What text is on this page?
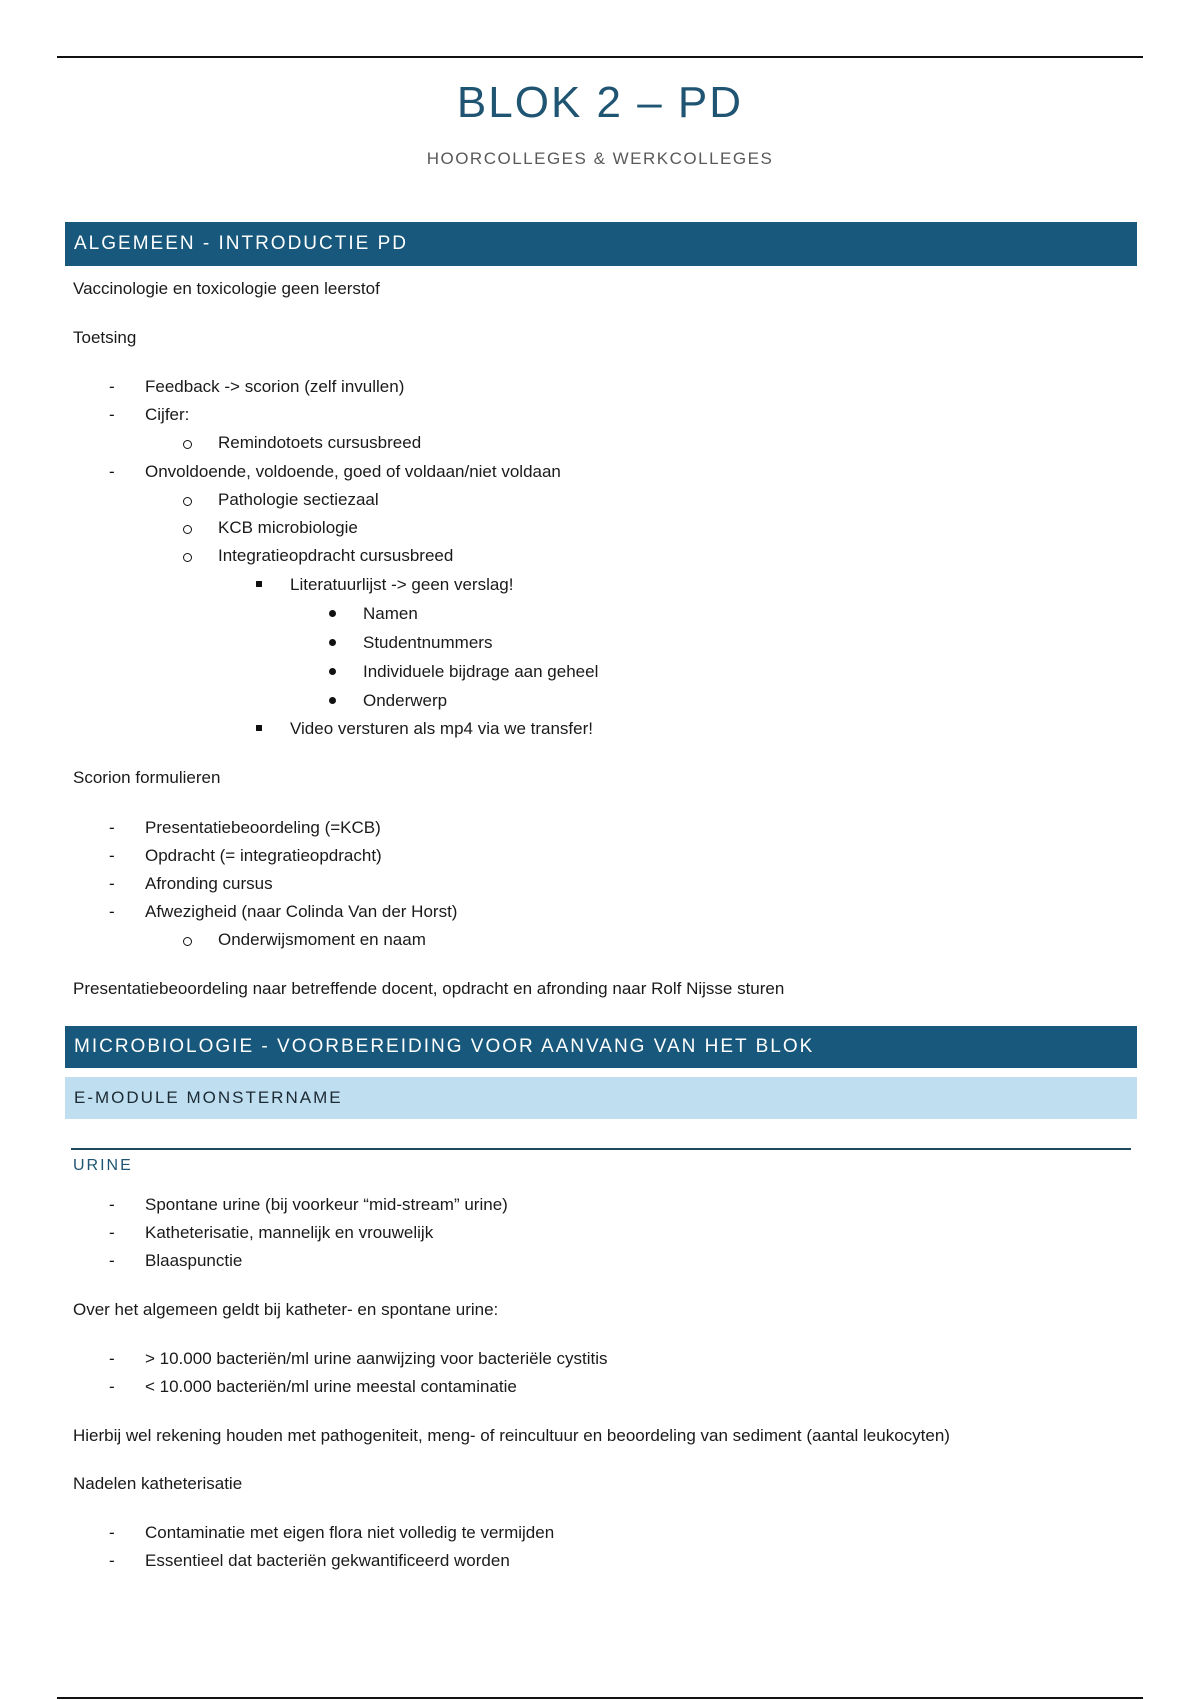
BLOK 2 – PD
HOORCOLLEGES & WERKCOLLEGES
ALGEMEEN - INTRODUCTIE PD
Vaccinologie en toxicologie geen leerstof
Toetsing
-	Feedback -> scorion (zelf invullen)
-	Cijfer:
Remindotoets cursusbreed
-	Onvoldoende, voldoende, goed of voldaan/niet voldaan
Pathologie sectiezaal
KCB microbiologie
Integratieopdracht cursusbreed
Literatuurlijst -> geen verslag!
Namen
Studentnummers
Individuele bijdrage aan geheel
Onderwerp
Video versturen als mp4 via we transfer!
Scorion formulieren
-	Presentatiebeoordeling (=KCB)
-	Opdracht (= integratieopdracht)
-	Afronding cursus
-	Afwezigheid (naar Colinda Van der Horst)
Onderwijsmoment en naam
Presentatiebeoordeling naar betreffende docent, opdracht en afronding naar Rolf Nijsse sturen
MICROBIOLOGIE - VOORBEREIDING VOOR AANVANG VAN HET BLOK
E-MODULE MONSTERNAME
URINE
-	Spontane urine (bij voorkeur “mid-stream” urine)
-	Katheterisatie, mannelijk en vrouwelijk
-	Blaaspunctie
Over het algemeen geldt bij katheter- en spontane urine:
-	> 10.000 bacteriën/ml urine aanwijzing voor bacteriële cystitis
-	< 10.000 bacteriën/ml urine meestal contaminatie
Hierbij wel rekening houden met pathogeniteit, meng- of reincultuur en beoordeling van sediment (aantal leukocyten)
Nadelen katheterisatie
-	Contaminatie met eigen flora niet volledig te vermijden
-	Essentieel dat bacteriën gekwantificeerd worden
